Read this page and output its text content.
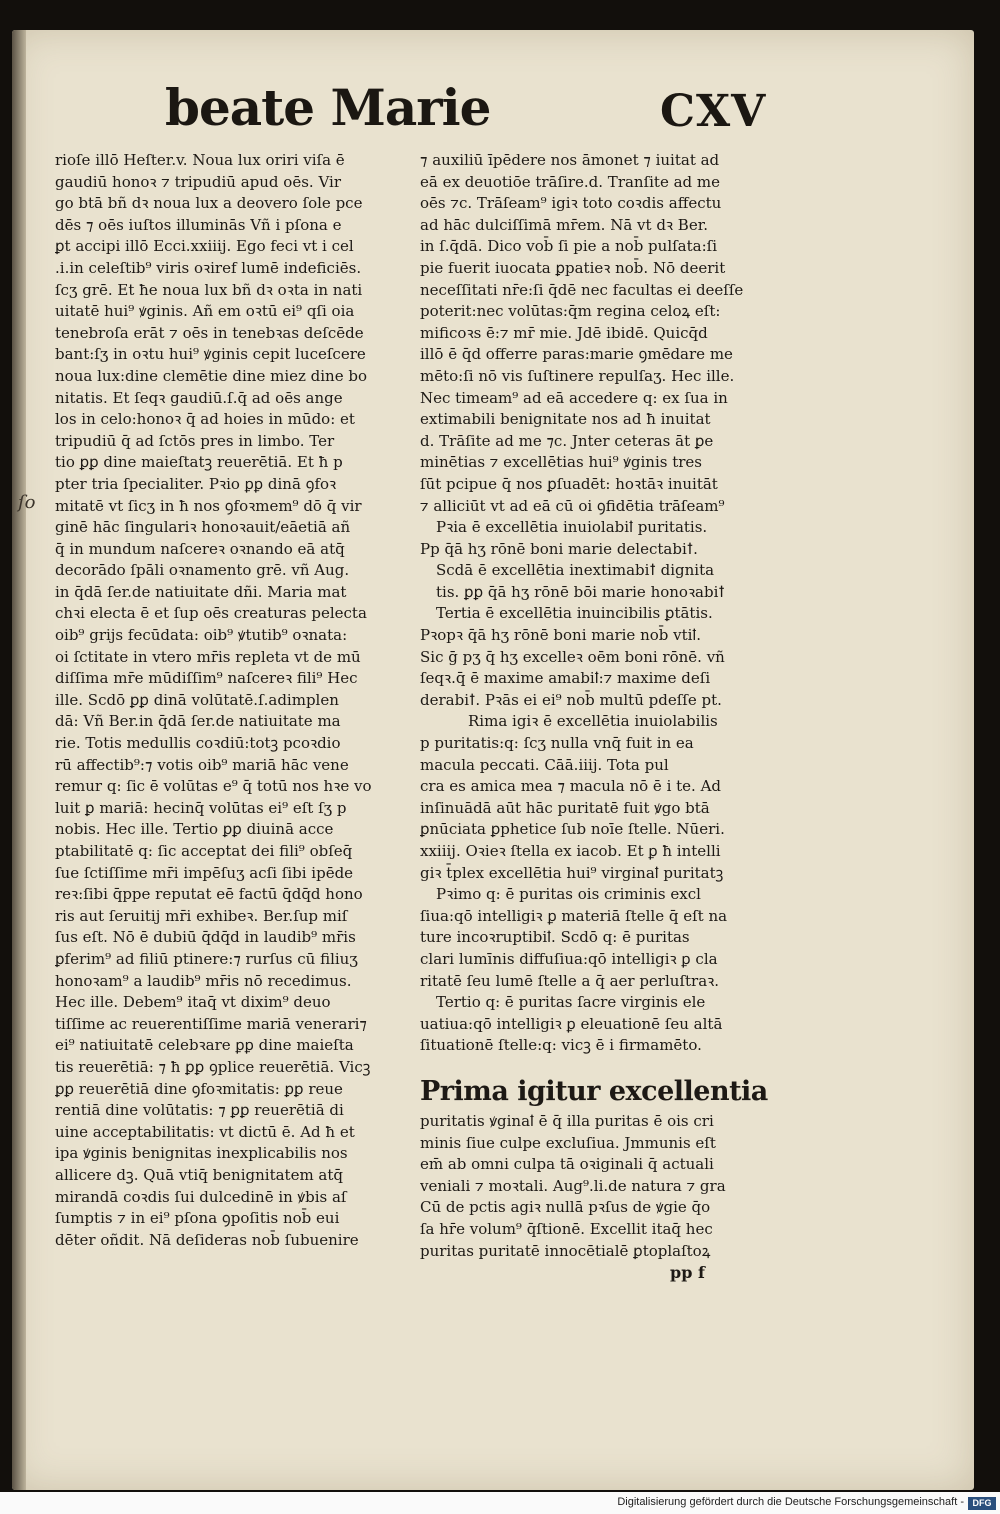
beate Marie	CXV
ſo
rioſe illō Heſter.v. Noua lux oriri viſa ē
gaudiū honoꝛ ⁊ tripudiū apud oēs. Vir
go btā bñ dꝛ noua lux a deovero ſole pce
dēs ⁊ oēs iuſtos illuminās Vñ i pſona e
ꝑt accipi illō Ecci.xxiiij. Ego feci vt i cel
.i.in celeſtib⁹ viris oꝛiref lumē indeficiēs.
ſcʒ grē. Et ħe noua lux bñ dꝛ oꝛta in nati
uitatē hui⁹ ꝟginis. Añ em oꝛtū ei⁹ qſi oia
tenebroſa erāt ⁊ oēs in tenebꝛas deſcēde
bant:ſʒ in oꝛtu hui⁹ ꝟginis cepit luceſcere
noua lux:dine clemētie dine miez dine bo
nitatis. Et ſeqꝛ gaudiū.ſ.q̄ ad oēs ange
los in celo:honoꝛ q̄ ad hoies in mūdo: et
tripudiū q̄ ad ſctōs pres in limbo. Ter
tio ꝑꝑ dine maieſtatꝫ reuerētiā. Et ħ p
pter tria ſpecialiter. Pꝛio ꝑꝑ dinā ꝯfoꝛ
mitatē vt ſicʒ in ħ nos ꝯfoꝛmem⁹ dō q̄ vir
ginē hāc ſingulariꝛ honoꝛauit/eāetiā añ
q̄ in mundum naſcereꝛ oꝛnando eā atq̄
decorādo ſpāli oꝛnamento grē. vñ Aug.
in q̄dā ſer.de natiuitate dñi. Maria mat
chꝛi electa ē et ſup oēs creaturas pelecta
oib⁹ grijs fecūdata: oib⁹ ꝟtutib⁹ oꝛnata:
oi ſctitate in vtero mr̄is repleta vt de mū
diſſima mr̄e mūdiſſim⁹ naſcereꝛ fili⁹ Hec
ille. Scdō ꝑꝑ dinā volūtatē.ſ.adimplen
dā: Vñ Ber.in q̄dā ſer.de natiuitate ma
rie. Totis medullis coꝛdiū:totꝫ pcoꝛdio
rū affectib⁹:⁊ votis oib⁹ mariā hāc vene
remur q: ſic ē volūtas e⁹ q̄ totū nos hꝛe vo
luit ꝑ mariā: hecinq̄ volūtas ei⁹ eſt ſʒ p
nobis. Hec ille. Tertio ꝑꝑ diuinā acce
ptabilitatē q: ſic acceptat dei fili⁹ obſeq̄
ſue ſctiſſime mr̄i impēſuʒ acſi ſibi ipēde
reꝛ:ſibi q̄ppe reputat eē factū q̄dq̄d hono
ris aut ſeruitij mr̄i exhibeꝛ. Ber.ſup miſ
ſus eſt. Nō ē dubiū q̄dq̄d in laudib⁹ mr̄is
ꝑferim⁹ ad filiū ptinere:⁊ rurſus cū filiuʒ
honoꝛam⁹ a laudib⁹ mr̄is nō recedimus.
Hec ille. Debem⁹ itaq̄ vt dixim⁹ deuo
tiſſime ac reuerentiſſime mariā venerari⁊
ei⁹ natiuitatē celebꝛare ꝑꝑ dine maieſta
tis reuerētiā: ⁊ ħ ꝑꝑ ꝯplice reuerētiā. Vicꝫ
ꝑꝑ reuerētiā dine ꝯfoꝛmitatis: ꝑꝑ reue
rentiā dine volūtatis: ⁊ ꝑꝑ reuerētiā di
uine acceptabilitatis: vt dictū ē. Ad ħ et
ipa ꝟginis benignitas inexplicabilis nos
allicere dꝫ. Quā vtiq̄ benignitatem atq̄
mirandā coꝛdis ſui dulcedinē in ꝟbis aſ
ſumptis ⁊ in ei⁹ pſona ꝯpoſitis nob̄ eui
dēter oñdit. Nā deſideras nob̄ ſubuenire
⁊ auxiliū īpēdere nos āmonet ⁊ iuitat ad
eā ex deuotiōe trāſire.d. Tranſite ad me
oēs ⁊c. Trāſeam⁹ igiꝛ toto coꝛdis affectu
ad hāc dulciſſimā mr̄em. Nā vt dꝛ Ber.
in ſ.q̄dā. Dico vob̄ ſi pie a nob̄ pulſata:ſi
pie fuerit iuocata ꝑpatieꝛ nob̄. Nō deerit
neceſſitati nr̄e:ſi q̄dē nec facultas ei deeſſe
poterit:nec volūtas:q̄m regina celoꝝ eſt:
mificoꝛs ē:⁊ mr̄ mie. Jdē ibidē. Quicq̄d
illō ē q̄d offerre paras:marie ꝯmēdare me
mēto:ſi nō vis ſuſtinere repulſaʒ. Hec ille.
Nec timeam⁹ ad eā accedere q: ex ſua in
extimabili benignitate nos ad ħ inuitat
d. Trāſite ad me ⁊c. Jnter ceteras āt ꝑe
minētias ⁊ excellētias hui⁹ ꝟginis tres
ſūt pcipue q̄ nos ꝑſuadēt: hoꝛtāꝛ inuitāt
⁊ alliciūt vt ad eā cū oi ꝯfidētia trāſeam⁹
Pꝛia ē excellētia inuiolabiꝉ puritatis.
Pp q̄ā hʒ rōnē boni marie delectabiꝉ.
Scdā ē excellētia inextimabiꝉ dignita
tis. ꝑꝑ q̄ā hʒ rōnē bōi marie honoꝛabiꝉ
Tertia ē excellētia inuincibilis ꝑtātis.
Pꝛopꝛ q̄ā hʒ rōnē boni marie nob̄ vtiꝉ.
Sic ḡ pʒ q̄ hʒ excelleꝛ oēm boni rōnē. vñ
ſeqꝛ.q̄ ē maxime amabiꝉ:⁊ maxime deſi
derabiꝉ. Pꝛās ei ei⁹ nob̄ multū pdeſſe pt.
Rima igiꝛ ē excellētia inuiolabilis
p puritatis:q: ſcʒ nulla vnq̄ fuit in ea
macula peccati. Cāā.iiij. Tota pul
cra es amica mea ⁊ macula nō ē i te. Ad
inſinuādā aūt hāc puritatē fuit ꝟgo btā
ꝑnūciata ꝑphetice ſub noīe ſtelle. Nūeri.
xxiiij. Oꝛieꝛ ſtella ex iacob. Et ꝑ ħ intelli
giꝛ t̄plex excellētia hui⁹ virginaꝉ puritatꝫ
Pꝛimo q: ē puritas ois criminis excl
ſiua:qō intelligiꝛ ꝑ materiā ſtelle q̄ eſt na
ture incoꝛruptibiꝉ. Scdō q: ē puritas
clari lumīnis diffuſiua:qō intelligiꝛ ꝑ cla
ritatē ſeu lumē ſtelle a q̄ aer perluſtraꝛ.
Tertio q: ē puritas ſacre virginis ele
uatiua:qō intelligiꝛ ꝑ eleuationē ſeu altā
ſituationē ſtelle:q: vicꝫ ē i firmamēto.
Prima igitur excellentia
puritatis ꝟginaꝉ ē q̄ illa puritas ē ois cri
minis ſiue culpe excluſiua. Jmmunis eſt
em̄ ab omni culpa tā oꝛiginali q̄ actuali
veniali ⁊ moꝛtali. Aug⁹.li.de natura ⁊ gra
Cū de pctis agiꝛ nullā pꝛſus de ꝟgie q̄o
ſa hr̄e volum⁹ q̄ſtionē. Excellit itaq̄ hec
puritas puritatē innocētialē ꝑtoplaſtoꝝ
pp f
Digitalisierung gefördert durch die Deutsche Forschungsgemeinschaft - DFG
